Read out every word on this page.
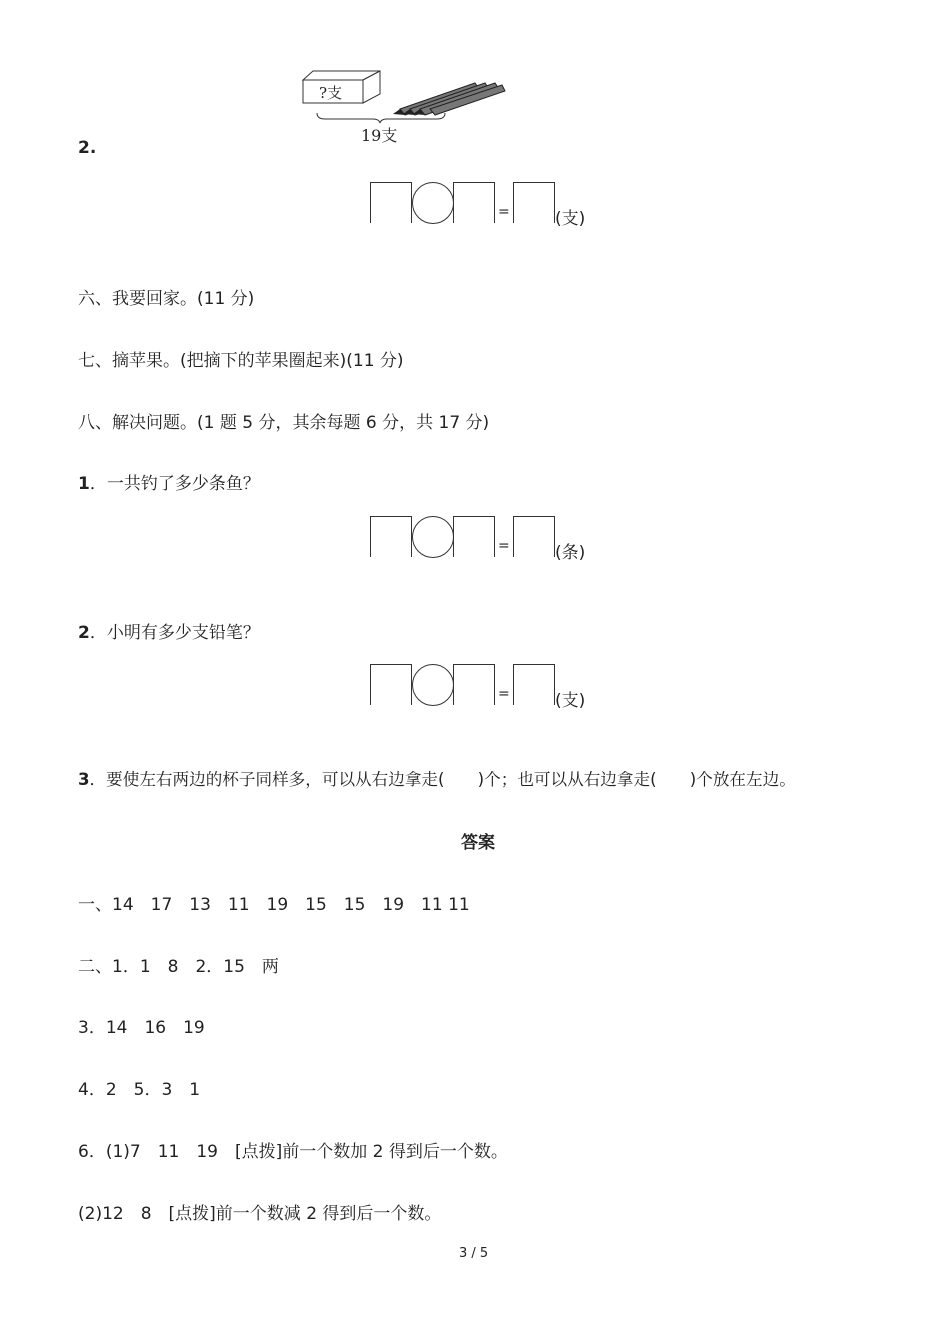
?支
19支
2.
=	(支)
六、我要回家。(11 分)
七、摘苹果。(把摘下的苹果圈起来)(11 分)
八、解决问题。(1 题 5 分，其余每题 6 分，共 17 分)
1．一共钓了多少条鱼？
=	(条)
2．小明有多少支铅笔？
=	(支)
3．要使左右两边的杯子同样多，可以从右边拿走(　　)个；也可以从右边拿走(　　)个放在左边。
答案
一、14　17　13　11　19　15　15　19　11 11
二、1．1　8　2．15　两
3．14　16　19
4．2　5．3　1
6．(1)7　11　19　[点拨]前一个数加 2 得到后一个数。
(2)12　8　[点拨]前一个数减 2 得到后一个数。
3 / 5
